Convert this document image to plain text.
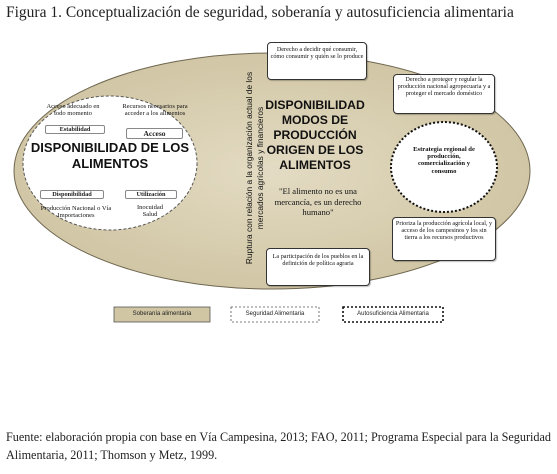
Figura 1. Conceptualización de seguridad, soberanía y autosuficiencia alimentaria
Acceso adecuado en todo momento
Recursos necesarios para acceder a los alimentos
Estabilidad	Acceso
DISPONIBILIDAD DE LOS ALIMENTOS
Disponibilidad	Utilización
Producción Nacional o Vía Importaciones
Inocuidad Salud	Ruptura con relación a la organización actual de los mercados agrícolas y financieros
DISPONIBILIDAD MODOS DE PRODUCCIÓN ORIGEN DE LOS ALIMENTOS
"El alimento no es una mercancía, es un derecho humano"
Derecho a decidir qué consumir, cómo consumir y quién se lo produce
Derecho a proteger y regular la producción nacional agropecuaria y a proteger el mercado doméstico
Estrategia regional de producción, comercialización y consumo
Prioriza la producción agrícola local, y acceso de los campesinos y los sin tierra a los recursos productivos
La participación de los pueblos en la definición de política agraria
Soberanía alimentaria	Seguridad Alimentaria	Autosuficiencia Alimentaria
Fuente: elaboración propia con base en Vía Campesina, 2013; FAO, 2011; Programa Especial para la Seguridad Alimentaria, 2011; Thomson y Metz, 1999.
